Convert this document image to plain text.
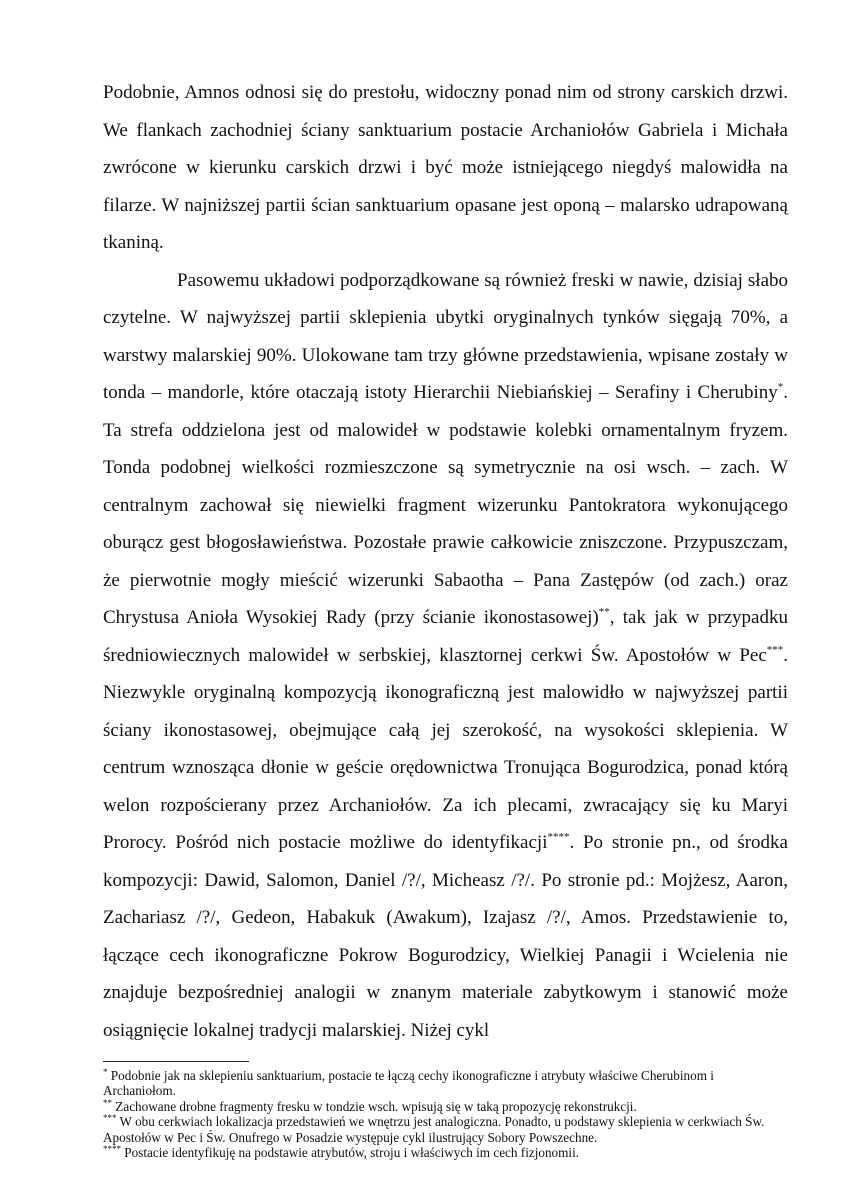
Podobnie, Amnos odnosi się do prestołu, widoczny ponad nim od strony carskich drzwi. We flankach zachodniej ściany sanktuarium postacie Archaniołów Gabriela i Michała zwrócone w kierunku carskich drzwi i być może istniejącego niegdyś malowidła na filarze. W najniższej partii ścian sanktuarium opasane jest oponą – malarsko udrapowaną tkaniną.

Pasowemu układowi podporządkowane są również freski w nawie, dzisiaj słabo czytelne. W najwyższej partii sklepienia ubytki oryginalnych tynków sięgają 70%, a warstwy malarskiej 90%. Ulokowane tam trzy główne przedstawienia, wpisane zostały w tonda – mandorle, które otaczają istoty Hierarchii Niebiańskiej – Serafiny i Cherubiny*. Ta strefa oddzielona jest od malowideł w podstawie kolebki ornamentalnym fryzem. Tonda podobnej wielkości rozmieszczone są symetrycznie na osi wsch. – zach. W centralnym zachował się niewielki fragment wizerunku Pantokratora wykonującego oburącz gest błogosławieństwa. Pozostałe prawie całkowicie zniszczone. Przypuszczam, że pierwotnie mogły mieścić wizerunki Sabaotha – Pana Zastępów (od zach.) oraz Chrystusa Anioła Wysokiej Rady (przy ścianie ikonostasowej)**, tak jak w przypadku średniowiecznych malowideł w serbskiej, klasztornej cerkwi Św. Apostołów w Pec***. Niezwykle oryginalną kompozycją ikonograficzną jest malowidło w najwyższej partii ściany ikonostasowej, obejmujące całą jej szerokość, na wysokości sklepienia. W centrum wznosząca dłonie w geście orędownictwa Tronująca Bogurodzica, ponad którą welon rozpościerany przez Archaniołów. Za ich plecami, zwracający się ku Maryi Prorocy. Pośród nich postacie możliwe do identyfikacji****. Po stronie pn., od środka kompozycji: Dawid, Salomon, Daniel /?/, Micheasz /?/. Po stronie pd.: Mojżesz, Aaron, Zachariasz /?/, Gedeon, Habakuk (Awakum), Izajasz /?/, Amos. Przedstawienie to, łączące cech ikonograficzne Pokrow Bogurodzicy, Wielkiej Panagii i Wcielenia nie znajduje bezpośredniej analogii w znanym materiale zabytkowym i stanowić może osiągnięcie lokalnej tradycji malarskiej. Niżej cykl

* Podobnie jak na sklepieniu sanktuarium, postacie te łączą cechy ikonograficzne i atrybuty właściwe Cherubinom i Archaniołom.

** Zachowane drobne fragmenty fresku w tondzie wsch. wpisują się w taką propozycję rekonstrukcji.

*** W obu cerkwiach lokalizacja przedstawień we wnętrzu jest analogiczna. Ponadto, u podstawy sklepienia w cerkwiach Św. Apostołów w Pec i Św. Onufrego w Posadzie występuje cykl ilustrujący Sobory Powszechne.

**** Postacie identyfikuję na podstawie atrybutów, stroju i właściwych im cech fizjonomii.
